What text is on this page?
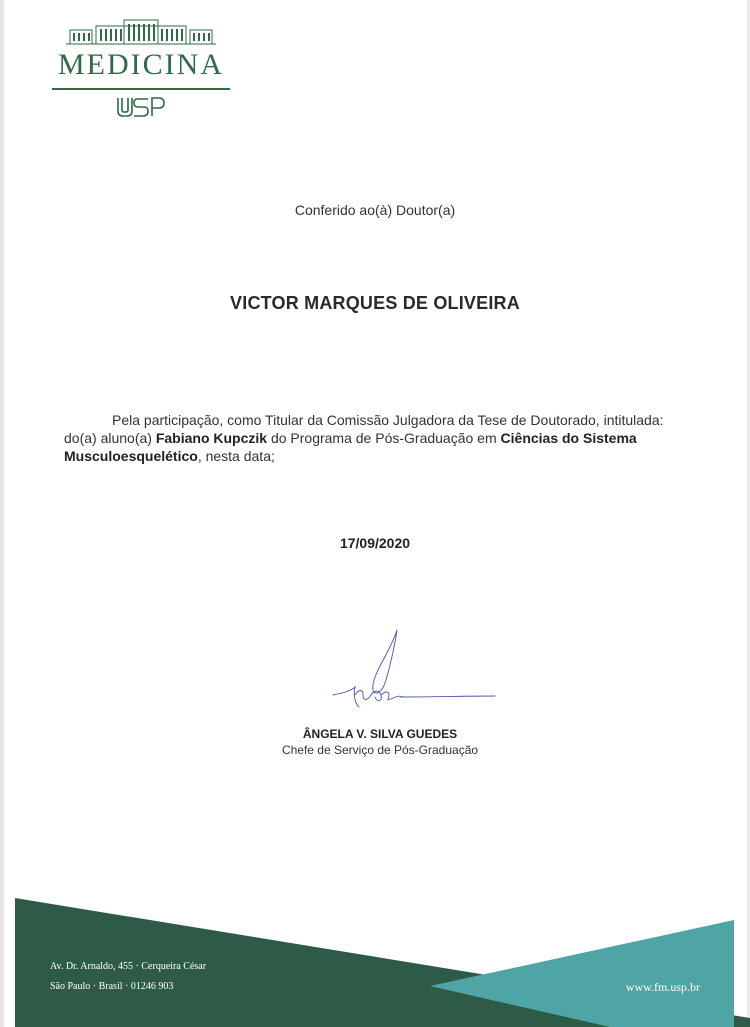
MEDICINA
Conferido ao(à) Doutor(a)
VICTOR MARQUES DE OLIVEIRA
Pela participação, como Titular da Comissão Julgadora da Tese de Doutorado, intitulada:
do(a) aluno(a) Fabiano Kupczik do Programa de Pós-Graduação em Ciências do Sistema Musculoesquelético, nesta data;
17/09/2020
ÂNGELA V. SILVA GUEDES
Chefe de Serviço de Pós-Graduação
Av. Dr. Arnaldo, 455 · Cerqueira César
São Paulo · Brasil · 01246 903	www.fm.usp.br
